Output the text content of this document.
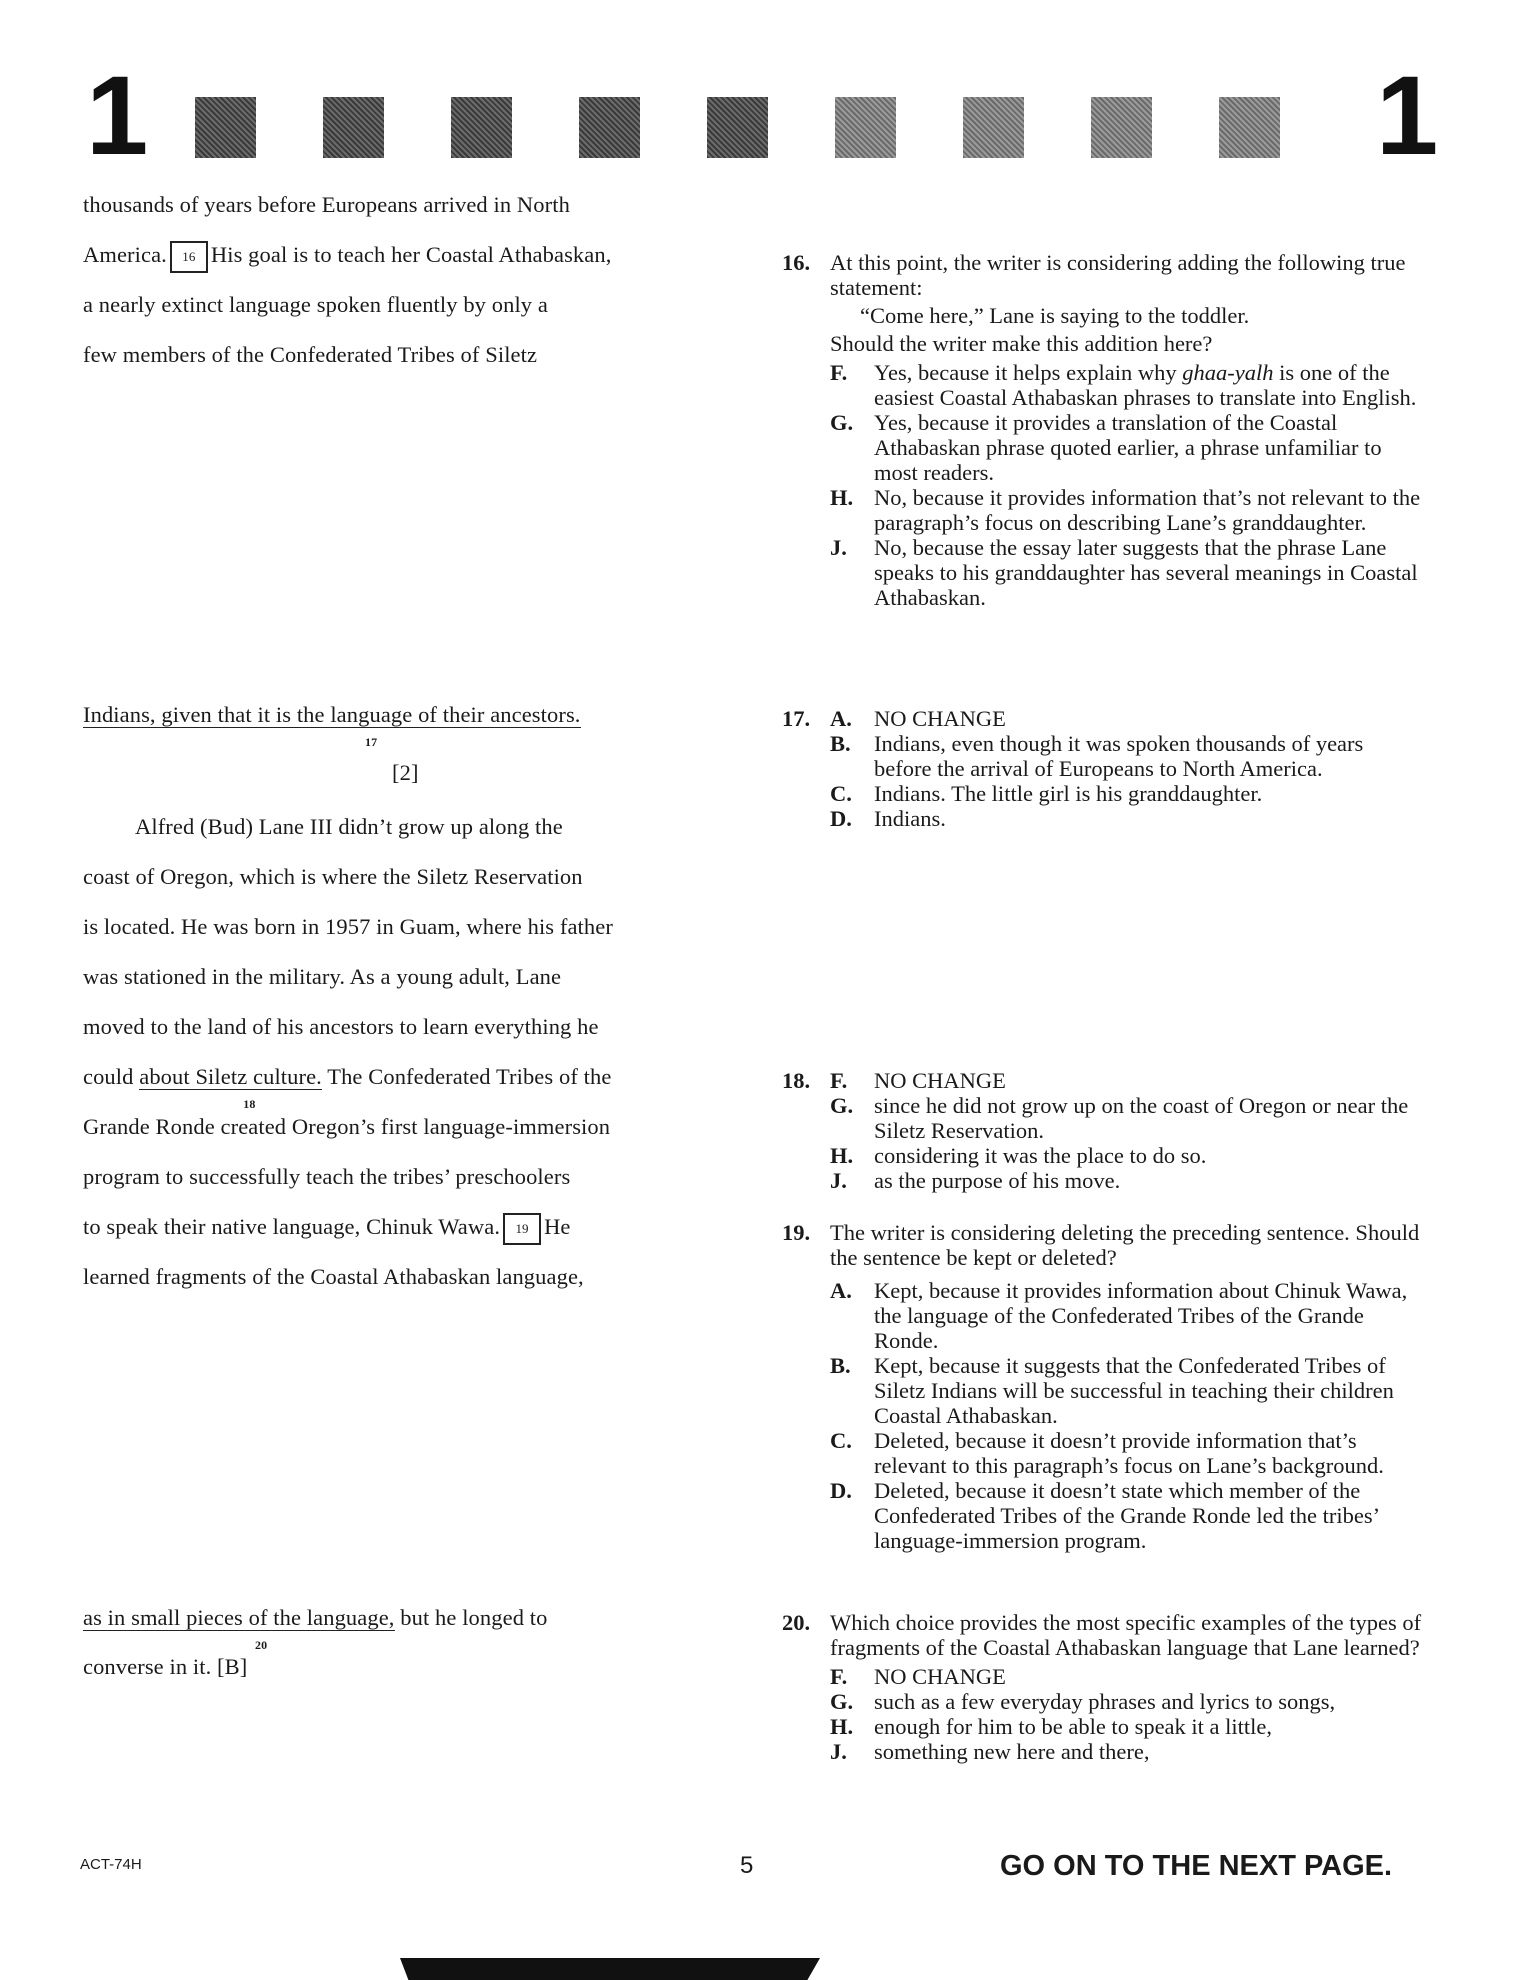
1	1

thousands of years before Europeans arrived in North

America. 16 His goal is to teach her Coastal Athabaskan,

a nearly extinct language spoken fluently by only a

few members of the Confederated Tribes of Siletz

Indians, given that it is the language of their ancestors.
17

[2]

Alfred (Bud) Lane III didn’t grow up along the

coast of Oregon, which is where the Siletz Reservation

is located. He was born in 1957 in Guam, where his father

was stationed in the military. As a young adult, Lane

moved to the land of his ancestors to learn everything he

could about Siletz culture.
18
The Confederated Tribes of the

Grande Ronde created Oregon’s first language-immersion

program to successfully teach the tribes’ preschoolers

to speak their native language, Chinuk Wawa. 19 He

learned fragments of the Coastal Athabaskan language,

as in small pieces of the language,
20
but he longed to

converse in it. [B]

16. At this point, the writer is considering adding the following true statement:
“Come here,” Lane is saying to the toddler.
Should the writer make this addition here?
F. Yes, because it helps explain why ghaa-yalh is one of the easiest Coastal Athabaskan phrases to translate into English.
G. Yes, because it provides a translation of the Coastal Athabaskan phrase quoted earlier, a phrase unfamiliar to most readers.
H. No, because it provides information that’s not relevant to the paragraph’s focus on describing Lane’s granddaughter.
J. No, because the essay later suggests that the phrase Lane speaks to his granddaughter has several meanings in Coastal Athabaskan.
17. A. NO CHANGE
B. Indians, even though it was spoken thousands of years before the arrival of Europeans to North America.
C. Indians. The little girl is his granddaughter.
D. Indians.
18. F. NO CHANGE
G. since he did not grow up on the coast of Oregon or near the Siletz Reservation.
H. considering it was the place to do so.
J. as the purpose of his move.
19. The writer is considering deleting the preceding sentence. Should the sentence be kept or deleted?
A. Kept, because it provides information about Chinuk Wawa, the language of the Confederated Tribes of the Grande Ronde.
B. Kept, because it suggests that the Confederated Tribes of Siletz Indians will be successful in teaching their children Coastal Athabaskan.
C. Deleted, because it doesn’t provide information that’s relevant to this paragraph’s focus on Lane’s background.
D. Deleted, because it doesn’t state which member of the Confederated Tribes of the Grande Ronde led the tribes’ language-immersion program.
20. Which choice provides the most specific examples of the types of fragments of the Coastal Athabaskan language that Lane learned?
F. NO CHANGE
G. such as a few everyday phrases and lyrics to songs,
H. enough for him to be able to speak it a little,
J. something new here and there,
ACT-74H	5	GO ON TO THE NEXT PAGE.
